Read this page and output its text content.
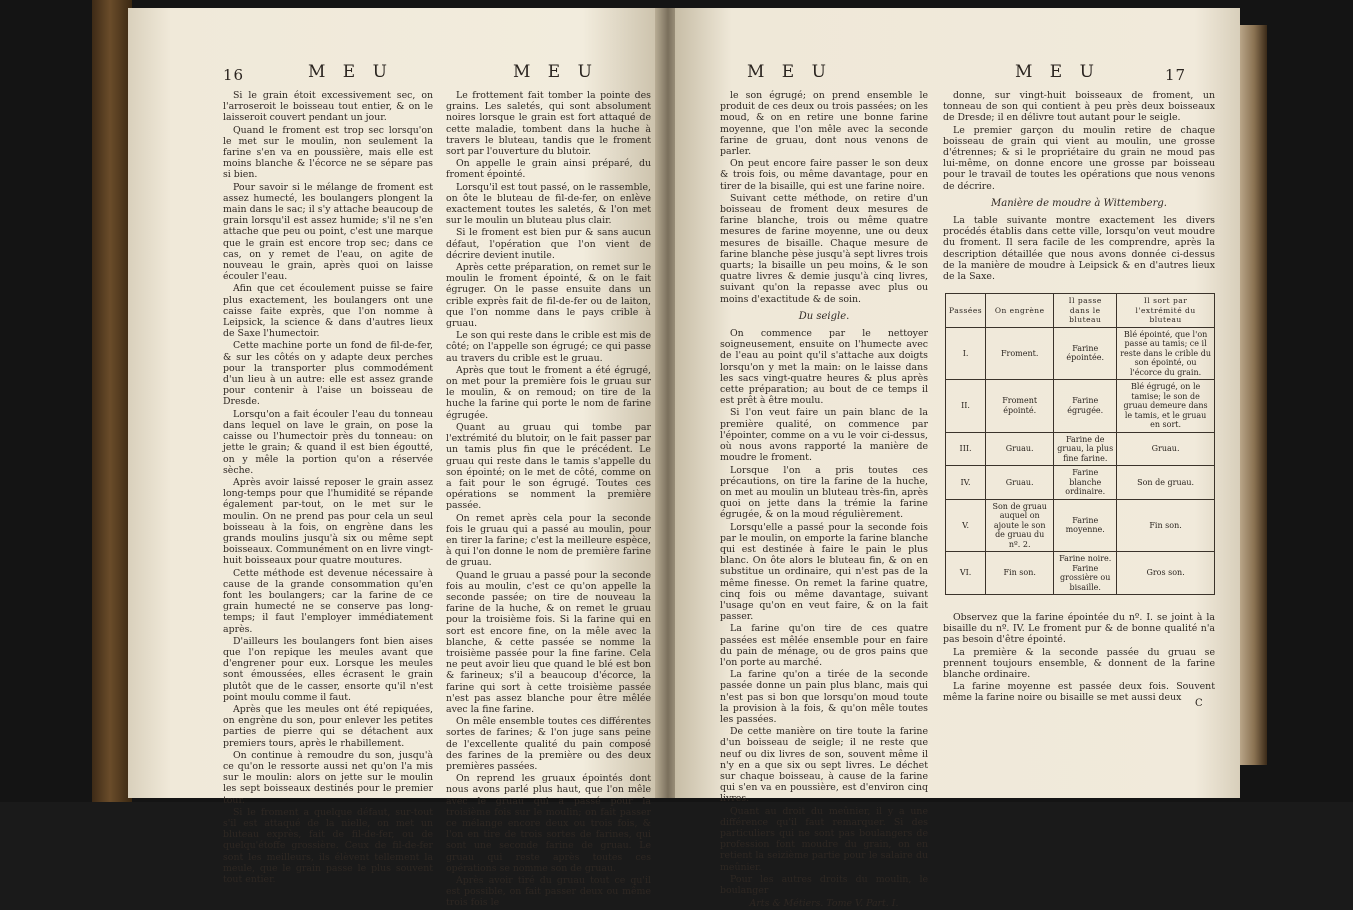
16	M E U	M E U

Si le grain étoit excessivement sec, on l'arroseroit le boisseau tout entier, & on le laisseroit couvert pendant un jour.

Quand le froment est trop sec lorsqu'on le met sur le moulin, non seulement la farine s'en va en poussière, mais elle est moins blanche & l'écorce ne se sépare pas si bien.

Pour savoir si le mélange de froment est assez humecté, les boulangers plongent la main dans le sac; il s'y attache beaucoup de grain lorsqu'il est assez humide; s'il ne s'en attache que peu ou point, c'est une marque que le grain est encore trop sec; dans ce cas, on y remet de l'eau, on agite de nouveau le grain, après quoi on laisse écouler l'eau.

Afin que cet écoulement puisse se faire plus exactement, les boulangers ont une caisse faite exprès, que l'on nomme à Leipsick, la science & dans d'autres lieux de Saxe l'humectoir.

Cette machine porte un fond de fil-de-fer, & sur les côtés on y adapte deux perches pour la transporter plus commodément d'un lieu à un autre: elle est assez grande pour contenir à l'aise un boisseau de Dresde.

Lorsqu'on a fait écouler l'eau du tonneau dans lequel on lave le grain, on pose la caisse ou l'humectoir près du tonneau: on jette le grain; & quand il est bien égoutté, on y mêle la portion qu'on a réservée sèche.

Après avoir laissé reposer le grain assez long-temps pour que l'humidité se répande également par-tout, on le met sur le moulin. On ne prend pas pour cela un seul boisseau à la fois, on engrène dans les grands moulins jusqu'à six ou même sept boisseaux. Communément on en livre vingt-huit boisseaux pour quatre moutures.

Cette méthode est devenue nécessaire à cause de la grande consommation qu'en font les boulangers; car la farine de ce grain humecté ne se conserve pas long-temps; il faut l'employer immédiatement après.

D'ailleurs les boulangers font bien aises que l'on repique les meules avant que d'engrener pour eux. Lorsque les meules sont émoussées, elles écrasent le grain plutôt que de le casser, ensorte qu'il n'est point moulu comme il faut.

Après que les meules ont été repiquées, on engrène du son, pour enlever les petites parties de pierre qui se détachent aux premiers tours, après le rhabillement.

On continue à remoudre du son, jusqu'à ce qu'on le ressorte aussi net qu'on l'a mis sur le moulin: alors on jette sur le moulin les sept boisseaux destinés pour le premier tour.

Si le froment a quelque défaut, sur-tout s'il est attaqué de la nielle, on met un bluteau exprès, fait de fil-de-fer, ou de quelqu'étoffe grossière. Ceux de fil-de-fer sont les meilleurs, ils élèvent tellement la meule, que le grain passe le plus souvent tout entier.

Le frottement fait tomber la pointe des grains. Les saletés, qui sont absolument noires lorsque le grain est fort attaqué de cette maladie, tombent dans la huche à travers le bluteau, tandis que le froment sort par l'ouverture du blutoir.

On appelle le grain ainsi préparé, du froment épointé.

Lorsqu'il est tout passé, on le rassemble, on ôte le bluteau de fil-de-fer, on enlève exactement toutes les saletés, & l'on met sur le moulin un bluteau plus clair.

Si le froment est bien pur & sans aucun défaut, l'opération que l'on vient de décrire devient inutile.

Après cette préparation, on remet sur le moulin le froment épointé, & on le fait égruger. On le passe ensuite dans un crible exprès fait de fil-de-fer ou de laiton, que l'on nomme dans le pays crible à gruau.

Le son qui reste dans le crible est mis de côté; on l'appelle son égrugé; ce qui passe au travers du crible est le gruau.

Après que tout le froment a été égrugé, on met pour la première fois le gruau sur le moulin, & on remoud; on tire de la huche la farine qui porte le nom de farine égrugée.

Quant au gruau qui tombe par l'extrémité du blutoir, on le fait passer par un tamis plus fin que le précédent. Le gruau qui reste dans le tamis s'appelle du son épointé; on le met de côté, comme on a fait pour le son égrugé. Toutes ces opérations se nomment la première passée.

On remet après cela pour la seconde fois le gruau qui a passé au moulin, pour en tirer la farine; c'est la meilleure espèce, à qui l'on donne le nom de première farine de gruau.

Quand le gruau a passé pour la seconde fois au moulin, c'est ce qu'on appelle la seconde passée; on tire de nouveau la farine de la huche, & on remet le gruau pour la troisième fois. Si la farine qui en sort est encore fine, on la mêle avec la blanche, & cette passée se nomme la troisième passée pour la fine farine. Cela ne peut avoir lieu que quand le blé est bon & farineux; s'il a beaucoup d'écorce, la farine qui sort à cette troisième passée n'est pas assez blanche pour être mêlée avec la fine farine.

On mêle ensemble toutes ces différentes sortes de farines; & l'on juge sans peine de l'excellente qualité du pain composé des farines de la première ou des deux premières passées.

On reprend les gruaux épointés dont nous avons parlé plus haut, que l'on mêle avec le gruau qui a passé pour la troisième fois sur le moulin; on fait passer ce mélange encore deux ou trois fois, & l'on en tire de trois sortes de farines, qui sont une seconde farine de gruau. Le gruau qui reste après toutes ces opérations se nomme son de gruau.

Après avoir tiré du gruau tout ce qu'il est possible, on fait passer deux ou même trois fois le

M E U	M E U	17

le son égrugé; on prend ensemble le produit de ces deux ou trois passées; on les moud, & on en retire une bonne farine moyenne, que l'on mêle avec la seconde farine de gruau, dont nous venons de parler.

On peut encore faire passer le son deux & trois fois, ou même davantage, pour en tirer de la bisaille, qui est une farine noire.

Suivant cette méthode, on retire d'un boisseau de froment deux mesures de farine blanche, trois ou même quatre mesures de farine moyenne, une ou deux mesures de bisaille. Chaque mesure de farine blanche pèse jusqu'à sept livres trois quarts; la bisaille un peu moins, & le son quatre livres & demie jusqu'à cinq livres, suivant qu'on la repasse avec plus ou moins d'exactitude & de soin.

Du seigle.

On commence par le nettoyer soigneusement, ensuite on l'humecte avec de l'eau au point qu'il s'attache aux doigts lorsqu'on y met la main: on le laisse dans les sacs vingt-quatre heures & plus après cette préparation; au bout de ce temps il est prêt à être moulu.

Si l'on veut faire un pain blanc de la première qualité, on commence par l'épointer, comme on a vu le voir ci-dessus, où nous avons rapporté la manière de moudre le froment.

Lorsque l'on a pris toutes ces précautions, on tire la farine de la huche, on met au moulin un bluteau très-fin, après quoi on jette dans la trémie la farine égrugée, & on la moud régulièrement.

Lorsqu'elle a passé pour la seconde fois par le moulin, on emporte la farine blanche qui est destinée à faire le pain le plus blanc. On ôte alors le bluteau fin, & on en substitue un ordinaire, qui n'est pas de la même finesse. On remet la farine quatre, cinq fois ou même davantage, suivant l'usage qu'on en veut faire, & on la fait passer.

La farine qu'on tire de ces quatre passées est mêlée ensemble pour en faire du pain de ménage, ou de gros pains que l'on porte au marché.

La farine qu'on a tirée de la seconde passée donne un pain plus blanc, mais qui n'est pas si bon que lorsqu'on moud toute la provision à la fois, & qu'on mêle toutes les passées.

De cette manière on tire toute la farine d'un boisseau de seigle; il ne reste que neuf ou dix livres de son, souvent même il n'y en a que six ou sept livres. Le déchet sur chaque boisseau, à cause de la farine qui s'en va en poussière, est d'environ cinq livres.

Quant au droit du meûnier, il y a une différence qu'il faut remarquer. Si des particuliers qui ne sont pas boulangers de profession font moudre du grain, on en retient la seizième partie pour le salaire du meûnier.

Pour les autres droits du moulin, le boulanger

Arts & Métiers. Tome V. Part. I.

donne, sur vingt-huit boisseaux de froment, un tonneau de son qui contient à peu près deux boisseaux de Dresde; il en délivre tout autant pour le seigle.

Le premier garçon du moulin retire de chaque boisseau de grain qui vient au moulin, une grosse d'étrennes; & si le propriétaire du grain ne moud pas lui-même, on donne encore une grosse par boisseau pour le travail de toutes les opérations que nous venons de décrire.

Manière de moudre à Wittemberg.

La table suivante montre exactement les divers procédés établis dans cette ville, lorsqu'on veut moudre du froment. Il sera facile de les comprendre, après la description détaillée que nous avons donnée ci-dessus de la manière de moudre à Leipsick & en d'autres lieux de la Saxe.

Passées	On engrène	Il passe dans le bluteau	Il sort par l'extrémité du bluteau
I.	Froment.	Farine épointée.	Blé épointé, que l'on passe au tamis; ce il reste dans le crible du son épointé, ou l'écorce du grain.
II.	Froment épointé.	Farine égrugée.	Blé égrugé, on le tamise; le son de gruau demeure dans le tamis, et le gruau en sort.
III.	Gruau.	Farine de gruau, la plus fine farine.	Gruau.
IV.	Gruau.	Farine blanche ordinaire.	Son de gruau.
V.	Son de gruau auquel on ajoute le son de gruau du nº. 2.	Farine moyenne.	Fin son.
VI.	Fin son.	Farine noire. Farine grossière ou bisaille.	Gros son.

Observez que la farine épointée du nº. I. se joint à la bisaille du nº. IV. Le froment pur & de bonne qualité n'a pas besoin d'être épointé.

La première & la seconde passée du gruau se prennent toujours ensemble, & donnent de la farine blanche ordinaire.

La farine moyenne est passée deux fois. Souvent même la farine noire ou bisaille se met aussi deux

C
